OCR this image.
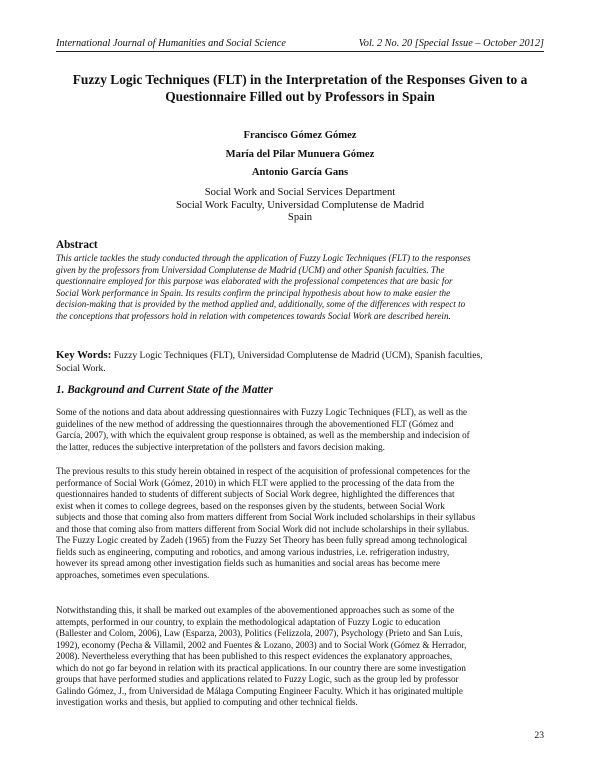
International Journal of Humanities and Social Science	Vol. 2 No. 20 [Special Issue – October 2012]
Fuzzy Logic Techniques (FLT) in the Interpretation of the Responses Given to a
Questionnaire Filled out by Professors in Spain
Francisco Gómez Gómez
María del Pilar Munuera Gómez
Antonio García Gans
Social Work and Social Services Department
Social Work Faculty, Universidad Complutense de Madrid
Spain
Abstract
This article tackles the study conducted through the application of Fuzzy Logic Techniques (FLT) to the responses
given by the professors from Universidad Complutense de Madrid (UCM) and other Spanish faculties. The
questionnaire employed for this purpose was elaborated with the professional competences that are basic for
Social Work performance in Spain. Its results confirm the principal hypothesis about how to make easier the
decision-making that is provided by the method applied and, additionally, some of the differences with respect to
the conceptions that professors hold in relation with competences towards Social Work are described herein.
Key Words: Fuzzy Logic Techniques (FLT), Universidad Complutense de Madrid (UCM), Spanish faculties,
Social Work.
1. Background and Current State of the Matter
Some of the notions and data about addressing questionnaires with Fuzzy Logic Techniques (FLT), as well as the
guidelines of the new method of addressing the questionnaires through the abovementioned FLT (Gómez and
García, 2007), with which the equivalent group response is obtained, as well as the membership and indecision of
the latter, reduces the subjective interpretation of the pollsters and favors decision making.
The previous results to this study herein obtained in respect of the acquisition of professional competences for the
performance of Social Work (Gómez, 2010) in which FLT were applied to the processing of the data from the
questionnaires handed to students of different subjects of Social Work degree, highlighted the differences that
exist when it comes to college degrees, based on the responses given by the students, between Social Work
subjects and those that coming also from matters different from Social Work included scholarships in their syllabus
and those that coming also from matters different from Social Work did not include scholarships in their syllabus.
The Fuzzy Logic created by Zadeh (1965) from the Fuzzy Set Theory has been fully spread among technological
fields such as engineering, computing and robotics, and among various industries, i.e. refrigeration industry,
however its spread among other investigation fields such as humanities and social areas has become mere
approaches, sometimes even speculations.
Notwithstanding this, it shall be marked out examples of the abovementioned approaches such as some of the
attempts, performed in our country, to explain the methodological adaptation of Fuzzy Logic to education
(Ballester and Colom, 2006), Law (Esparza, 2003), Politics (Felizzola, 2007), Psychology (Prieto and San Luís,
1992), economy (Pecha & Villamil, 2002 and Fuentes & Lozano, 2003) and to Social Work (Gómez & Herrador,
2008). Nevertheless everything that has been published to this respect evidences the explanatory approaches,
which do not go far beyond in relation with its practical applications. In our country there are some investigation
groups that have performed studies and applications related to Fuzzy Logic, such as the group led by professor
Galindo Gómez, J., from Universidad de Málaga Computing Engineer Faculty. Which it has originated multiple
investigation works and thesis, but applied to computing and other technical fields.
23
